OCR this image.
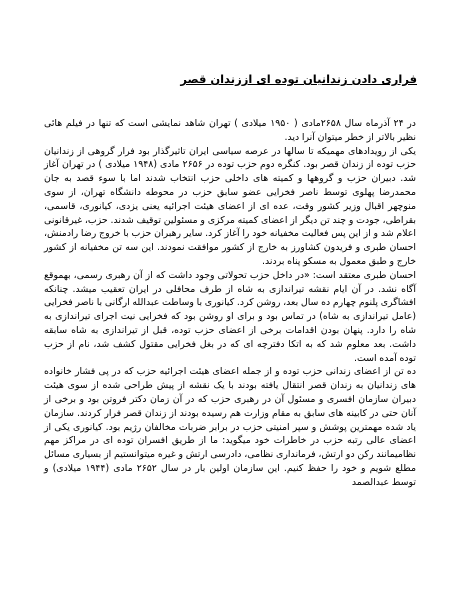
فراری دادن زندانیان توده ای اززندان قصر

در ۲۴ آذرماه سال ۲۶۵۸مادی ( ۱۹۵۰ میلادی ) تهران شاهد نمایشی است که تنها در فیلم هائی نظیر بالاتر از خطر میتوان آنرا دید.

یکی از رویدادهای مهمیکه تا سالها در عرصه سیاسی ایران تاثیرگذار بود فرار گروهی از زندانیان حزب توده از زندان قصر بود. کنگره دوم حزب توده در ۲۶۵۶ مادی (۱۹۴۸ میلادی ) در تهران آغاز شد. دبیران حزب و گروهها و کمیته های داخلی حزب انتخاب شدند اما با سوء قصد به جان محمدرضا پهلوی توسط ناصر فخرایی عضو سابق حزب در محوطه دانشگاه تهران، از سوی منوچهر اقبال وزیر کشور وقت، عده ای از اعضای هیئت اجرائیه یعنی یزدی، کیانوری، قاسمی، بقراطی، جودت و چند تن دیگر از اعضای کمیته مرکزی و مسئولین توقیف شدند. حزب، غیرقانونی اعلام شد و از این پس فعالیت مخفیانه خود را آغاز کرد. سایر رهبران حزب با خروج رضا رادمنش، احسان طبری و فریدون کشاورز به خارج از کشور موافقت نمودند. این سه تن مخفیانه از کشور خارج و طبق معمول به مسکو پناه بردند.

احسان طبری معتقد است: «در داخل حزب تحولاتی وجود داشت که از آن رهبری رسمی، بهموقع آگاه نشد. در آن ایام نقشه تیراندازی به شاه از طرف محافلی در ایران تعقیب میشد. چنانکه افشاگری پلنوم چهارم ده سال بعد، روشن کرد. کیانوری با وساطت عبدالله ارگانی با ناصر فخرایی (عامل تیراندازی به شاه) در تماس بود و برای او روشن بود که فخرایی نیت اجرای تیراندازی به شاه را دارد. پنهان بودن اقدامات برخی از اعضای حزب توده، قبل از تیراندازی به شاه سابقه داشت. بعد معلوم شد که به اتکا دفترچه ای که در بغل فخرایی مقتول کشف شد، نام از حزب توده آمده است.

ده تن از اعضای زندانی حزب توده و از جمله اعضای هیئت اجرائیه حزب که در پی فشار خانواده های زندانیان به زندان قصر انتقال یافته بودند با یک نقشه از پیش طراحی شده از سوی هیئت دبیران سازمان افسری و مسئول آن در رهبری حزب که در آن زمان دکتر فروتن بود و برخی از آنان حتی در کابینه های سابق به مقام وزارت هم رسیده بودند از زندان قصر فرار کردند. سازمان یاد شده مهمترین پوشش و سپر امنیتی حزب در برابر ضربات مخالفان رژیم بود. کیانوری یکی از اعضای عالی رتبه حزب در خاطرات خود میگوید: ما از طریق افسران توده ای در مراکز مهم نظامیمانند رکن دو ارتش، فرمانداری نظامی، دادرسی ارتش و غیره میتوانستیم از بسیاری مسائل مطلع شویم و خود را حفظ کنیم. این سازمان اولین بار در سال ۲۶۵۲ مادی (۱۹۴۴ میلادی) و توسط عبدالصمد
